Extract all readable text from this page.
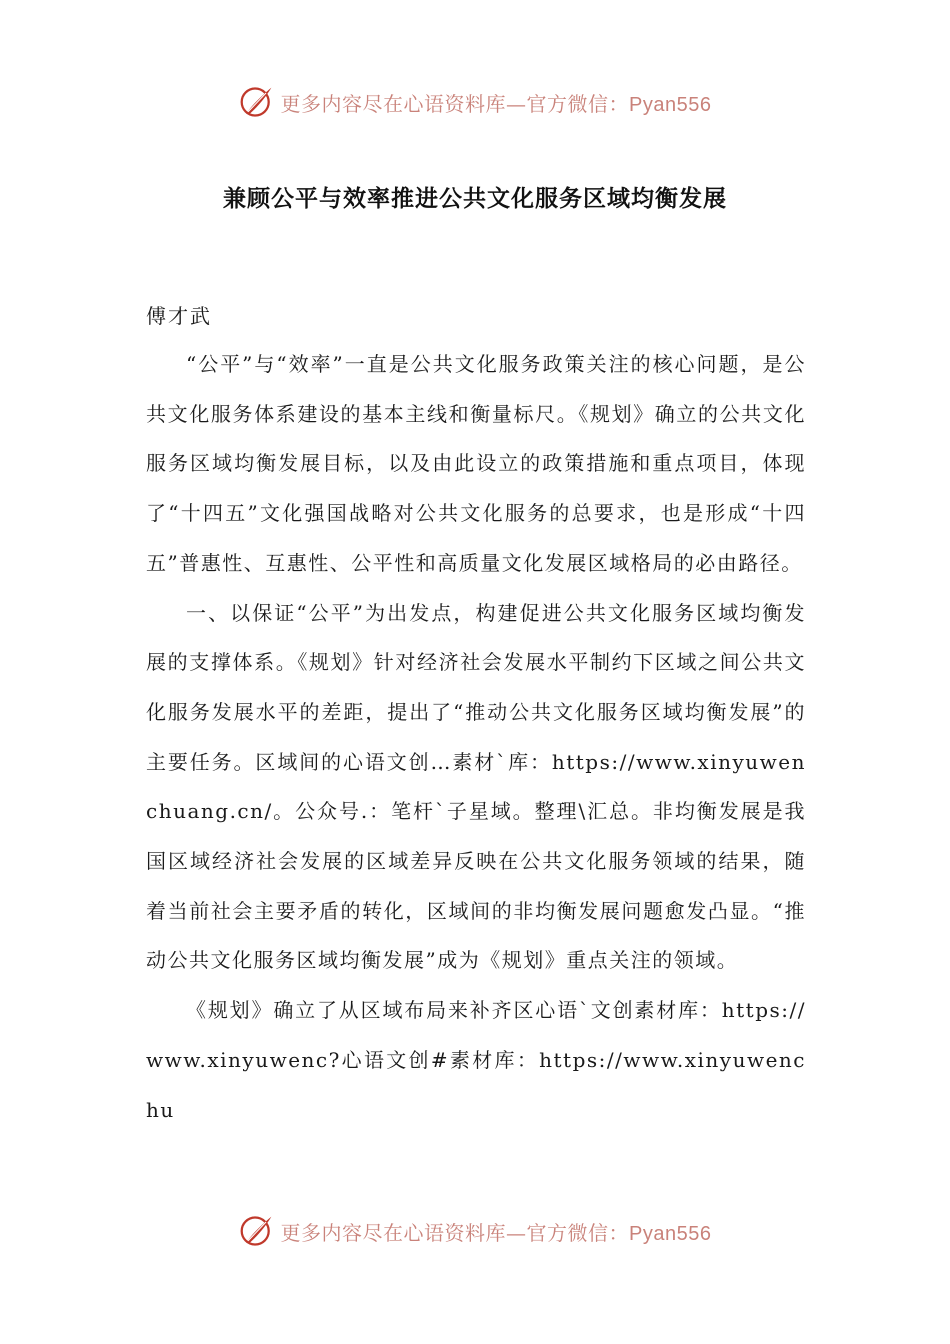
更多内容尽在心语资料库—官方微信：Pyan556
兼顾公平与效率推进公共文化服务区域均衡发展
傅才武

“公平”与“效率”一直是公共文化服务政策关注的核心问题，是公共文化服务体系建设的基本主线和衡量标尺。《规划》确立的公共文化服务区域均衡发展目标，以及由此设立的政策措施和重点项目，体现了“十四五”文化强国战略对公共文化服务的总要求，也是形成“十四五”普惠性、互惠性、公平性和高质量文化发展区域格局的必由路径。

一、以保证“公平”为出发点，构建促进公共文化服务区域均衡发展的支撑体系。《规划》针对经济社会发展水平制约下区域之间公共文化服务发展水平的差距，提出了“推动公共文化服务区域均衡发展”的主要任务。区域间的心语文创…素材`库：https://www.xinyuwenchuang.cn/。公众号.：笔杆`子星域。整理\汇总。非均衡发展是我国区域经济社会发展的区域差异反映在公共文化服务领域的结果，随着当前社会主要矛盾的转化，区域间的非均衡发展问题愈发凸显。“推动公共文化服务区域均衡发展”成为《规划》重点关注的领域。

《规划》确立了从区域布局来补齐区心语`文创素材库：https://www.xinyuwenc?心语文创#素材库：https://www.xinyuwenchu

更多内容尽在心语资料库—官方微信：Pyan556
